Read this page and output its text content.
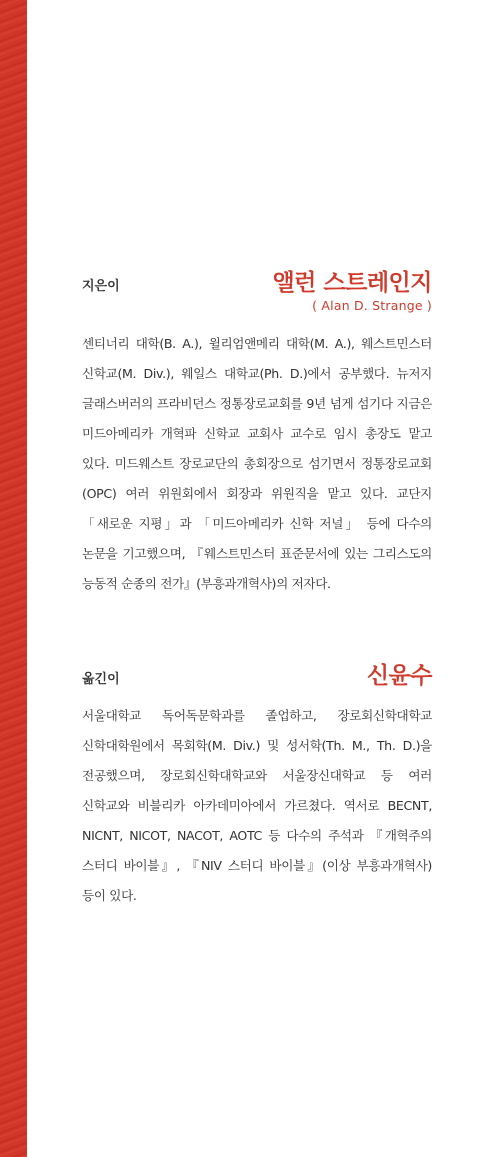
지은이	앨런 스트레인지
( Alan D. Strange )

센티너리 대학(B. A.), 윌리엄앤메리 대학(M. A.), 웨스트민스터 신학교(M. Div.), 웨일스 대학교(Ph. D.)에서 공부했다. 뉴저지 글래스버러의 프라비던스 정통장로교회를 9년 넘게 섬기다 지금은 미드아메리카 개혁파 신학교 교회사 교수로 임시 총장도 맡고 있다. 미드웨스트 장로교단의 총회장으로 섬기면서 정통장로교회(OPC) 여러 위원회에서 회장과 위원직을 맡고 있다. 교단지 「새로운 지평」과 「미드아메리카 신학 저널」 등에 다수의 논문을 기고했으며, 『웨스트민스터 표준문서에 있는 그리스도의 능동적 순종의 전가』(부흥과개혁사)의 저자다.

옮긴이	신윤수

서울대학교 독어독문학과를 졸업하고, 장로회신학대학교 신학대학원에서 목회학(M. Div.) 및 성서학(Th. M., Th. D.)을 전공했으며, 장로회신학대학교와 서울장신대학교 등 여러 신학교와 비블리카 아카데미아에서 가르쳤다. 역서로 BECNT, NICNT, NICOT, NACOT, AOTC 등 다수의 주석과 『개혁주의 스터디 바이블』, 『NIV 스터디 바이블』(이상 부흥과개혁사) 등이 있다.
